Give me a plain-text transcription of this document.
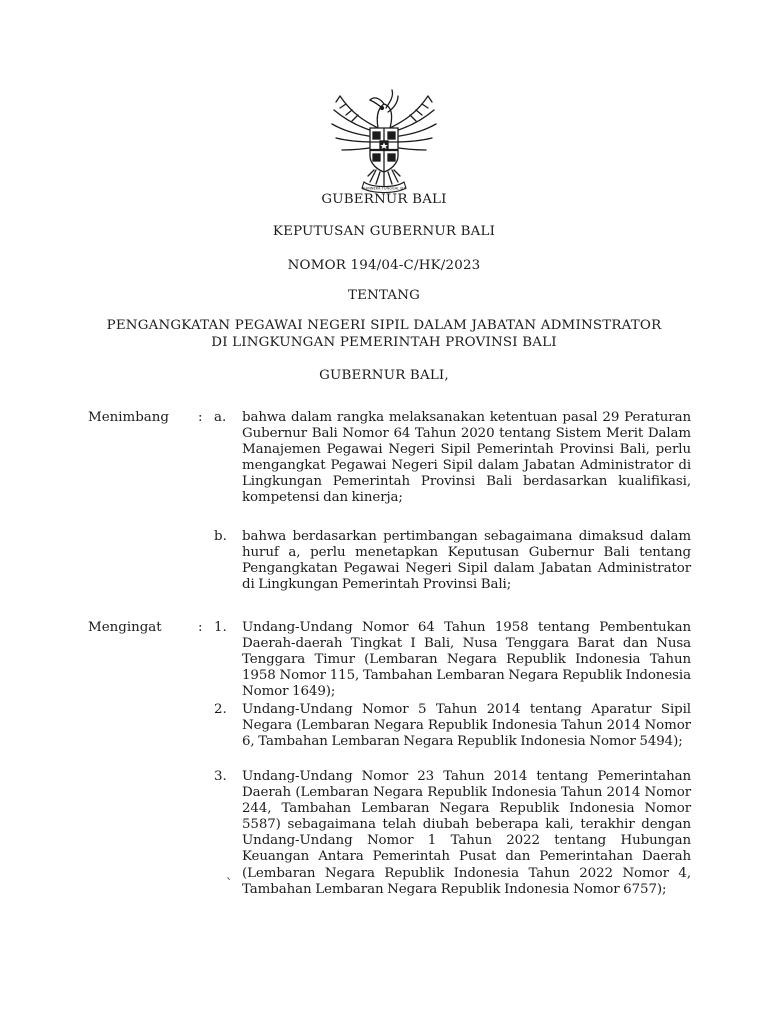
BHINNEKA TUNGGAL IKA
GUBERNUR BALI
KEPUTUSAN GUBERNUR BALI
NOMOR 194/04-C/HK/2023
TENTANG
PENGANGKATAN PEGAWAI NEGERI SIPIL DALAM JABATAN ADMINSTRATOR
DI LINGKUNGAN PEMERINTAH PROVINSI BALI
GUBERNUR BALI,
Menimbang : a. bahwa dalam rangka melaksanakan ketentuan pasal 29 Peraturan Gubernur Bali Nomor 64 Tahun 2020 tentang Sistem Merit Dalam Manajemen Pegawai Negeri Sipil Pemerintah Provinsi Bali, perlu mengangkat Pegawai Negeri Sipil dalam Jabatan Administrator di Lingkungan Pemerintah Provinsi Bali berdasarkan kualifikasi, kompetensi dan kinerja;
b. bahwa berdasarkan pertimbangan sebagaimana dimaksud dalam huruf a, perlu menetapkan Keputusan Gubernur Bali tentang Pengangkatan Pegawai Negeri Sipil dalam Jabatan Administrator di Lingkungan Pemerintah Provinsi Bali;
Mengingat	: 1. Undang-Undang Nomor 64 Tahun 1958 tentang Pembentukan Daerah-daerah Tingkat I Bali, Nusa Tenggara Barat dan Nusa Tenggara Timur (Lembaran Negara Republik Indonesia Tahun 1958 Nomor 115, Tambahan Lembaran Negara Republik Indonesia Nomor 1649);
2. Undang-Undang Nomor 5 Tahun 2014 tentang Aparatur Sipil Negara (Lembaran Negara Republik Indonesia Tahun 2014 Nomor 6, Tambahan Lembaran Negara Republik Indonesia Nomor 5494);
3. Undang-Undang Nomor 23 Tahun 2014 tentang Pemerintahan Daerah (Lembaran Negara Republik Indonesia Tahun 2014 Nomor 244, Tambahan Lembaran Negara Republik Indonesia Nomor 5587) sebagaimana telah diubah beberapa kali, terakhir dengan Undang-Undang Nomor 1 Tahun 2022 tentang Hubungan Keuangan Antara Pemerintah Pusat dan Pemerintahan Daerah (Lembaran Negara Republik Indonesia Tahun 2022 Nomor 4, Tambahan Lembaran Negara Republik Indonesia Nomor 6757);
`
